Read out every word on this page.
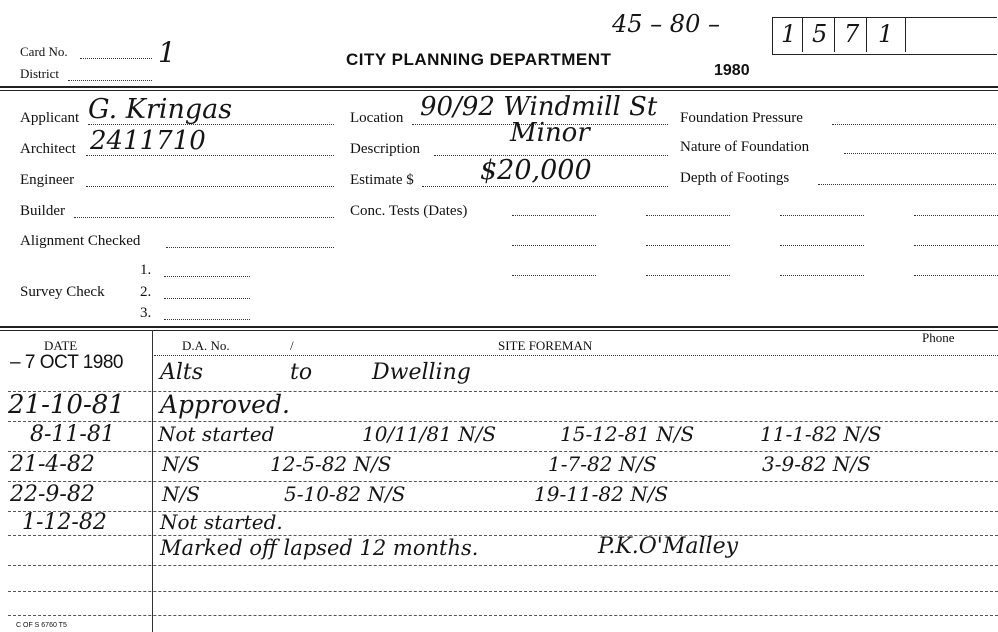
45 – 80 –	1 5 7 1
Card No.	1
District
CITY PLANNING DEPARTMENT
1980
Applicant G. Kringas
Architect 2411710
Engineer
Builder
Alignment Checked
1.
Survey Check 2.
3.
Location 90/92 Windmill St
Description
Minor
Estimate $ $20,000
Conc. Tests (Dates)
Foundation Pressure
Nature of Foundation
Depth of Footings
DATE	D.A. No.	/	SITE FOREMAN
Phone
– 7 OCT 1980 Alts	to	Dwelling
21-10-81 Approved.
8-11-81 Not started	10/11/81 N/S	15-12-81 N/S	11-1-82 N/S
21-4-82	N/S	12-5-82 N/S	1-7-82 N/S	3-9-82 N/S
22-9-82	N/S	5-10-82 N/S	19-11-82 N/S
1-12-82	Not started.
Marked off lapsed 12 months.	P.K.O'Malley
C OF S 6760 T5
